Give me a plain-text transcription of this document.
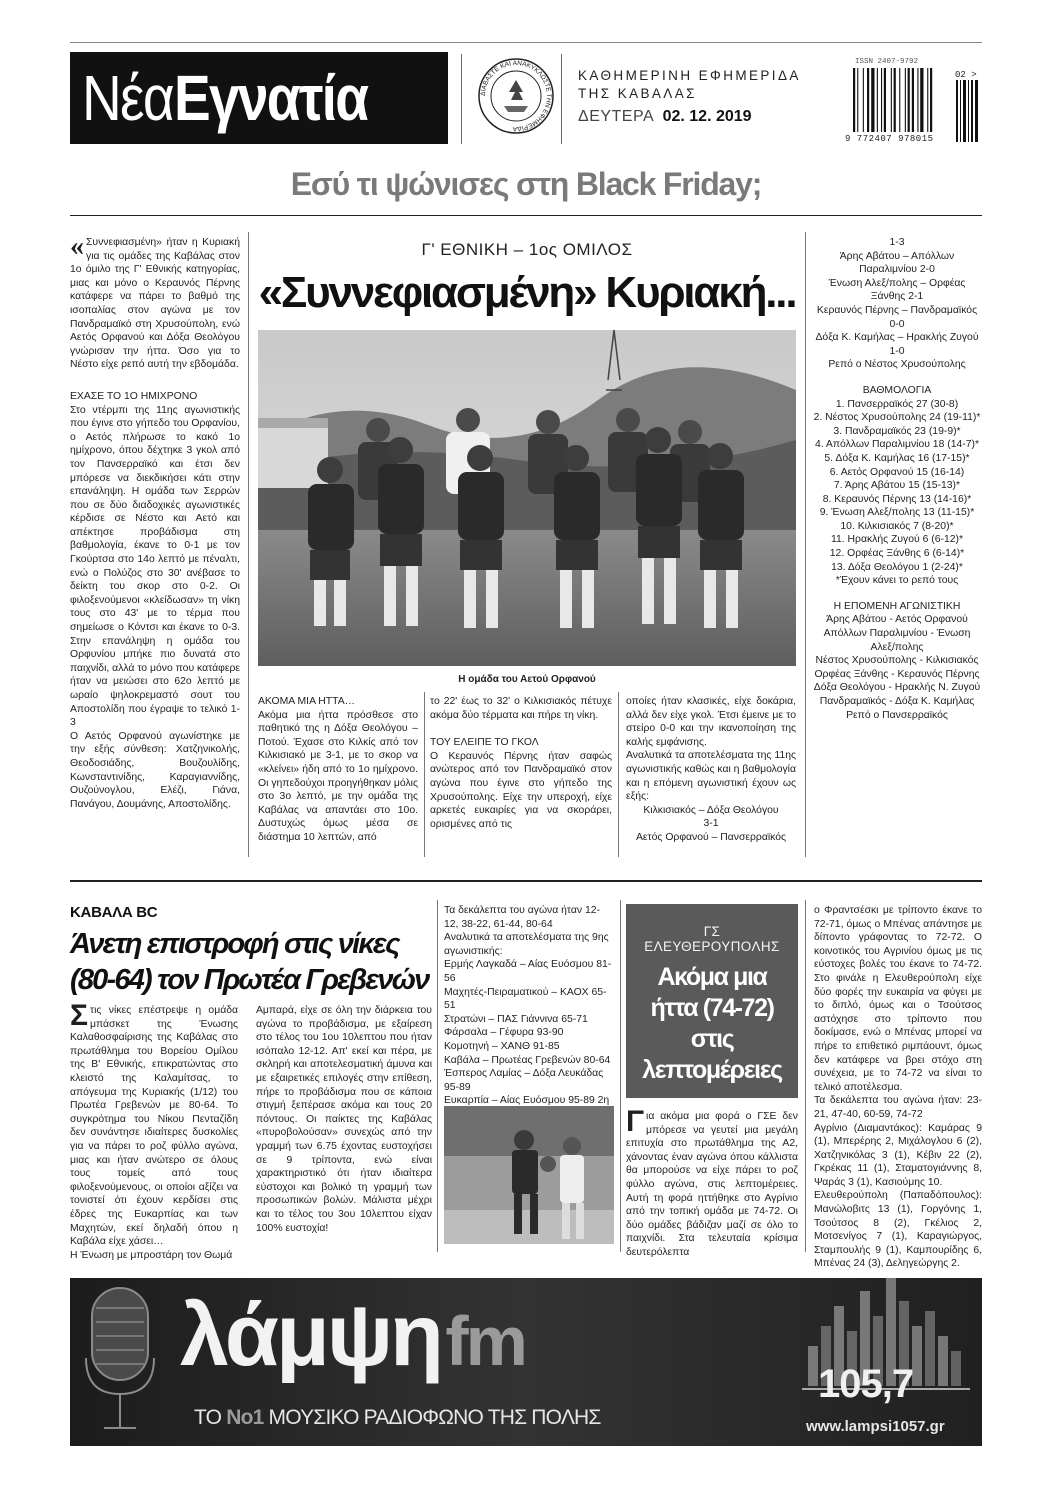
Νέα Εγνατία	ΔΙΑΒΑΣΤΕ ΚΑΙ ΑΝΑΚΥΚΛΩΣΤΕ ΤΗΝ ΕΦΗΜΕΡΙΔΑ
ΚΑΘΗΜΕΡΙΝΗ ΕΦΗΜΕΡΙΔΑ
ΤΗΣ ΚΑΒΑΛΑΣ
ΔΕΥΤΕΡΑ 02. 12. 2019
ISSN 2407-9792
02 >
9 772407 978015
Εσύ τι ψώνισες στη Black Friday;

« Συννεφιασμένη» ήταν η Κυριακή για τις ομάδες της Καβάλας στον 1ο όμιλο της Γ' Εθνικής κατηγορίας, μιας και μόνο ο Κεραυνός Πέρνης κατάφερε να πάρει το βαθμό της ισοπαλίας στον αγώνα με τον Πανδραμαϊκό στη Χρυσούπολη, ενώ Αετός Ορφανού και Δόξα Θεολόγου γνώρισαν την ήττα. Όσο για το Νέστο είχε ρεπό αυτή την εβδομάδα.

ΕΧΑΣΕ ΤΟ 1Ο ΗΜΙΧΡΟΝΟ

Στο ντέρμπι της 11ης αγωνιστικής που έγινε στο γήπεδο του Ορφανίου, ο Αετός πλήρωσε το κακό 1ο ημίχρονο, όπου δέχτηκε 3 γκολ από τον Πανσερραϊκό και έτσι δεν μπόρεσε να διεκδικήσει κάτι στην επανάληψη. Η ομάδα των Σερρών που σε δύο διαδοχικές αγωνιστικές κέρδισε σε Νέστο και Αετό και απέκτησε προβάδισμα στη βαθμολογία, έκανε το 0-1 με τον Γκούρτσα στο 14ο λεπτό με πέναλτι, ενώ ο Πολύζος στο 30' ανέβασε το δείκτη του σκορ στο 0-2. Οι φιλοξενούμενοι «κλείδωσαν» τη νίκη τους στο 43' με το τέρμα που σημείωσε ο Κόντσι και έκανε το 0-3. Στην επανάληψη η ομάδα του Ορφυνίου μπήκε πιο δυνατά στο παιχνίδι, αλλά το μόνο που κατάφερε ήταν να μειώσει στο 62ο λεπτό με ωραίο ψηλοκρεμαστό σουτ του Αποστολίδη που έγραψε το τελικό 1-3

Ο Αετός Ορφανού αγωνίστηκε με την εξής σύνθεση: Χατζηνικολής, Θεοδοσιάδης, Βουζουλίδης, Κωνσταντινίδης, Καραγιαννίδης, Ουζούνογλου, Ελέζι, Γιάνα, Πανάγου, Δουμάνης, Αποστολίδης.

Γ' ΕΘΝΙΚΗ – 1ος ΟΜΙΛΟΣ
«Συννεφιασμένη» Κυριακή...
Η ομάδα του Αετού Ορφανού
ΑΚΟΜΑ ΜΙΑ ΗΤΤΑ…

Ακόμα μια ήττα πρόσθεσε στο παθητικό της η Δόξα Θεολόγου – Ποτού. Έχασε στο Κιλκίς από τον Κιλκισιακό με 3-1, με το σκορ να «κλείνει» ήδη από το 1ο ημίχρονο. Οι γηπεδούχοι προηγήθηκαν μόλις στο 3ο λεπτό, με την ομάδα της Καβάλας να απαντάει στο 10ο. Δυστυχώς όμως μέσα σε διάστημα 10 λεπτών, από

το 22' έως το 32' ο Κιλκισιακός πέτυχε ακόμα δύο τέρματα και πήρε τη νίκη.

ΤΟΥ ΕΛΕΙΠΕ ΤΟ ΓΚΟΛ

Ο Κεραυνός Πέρνης ήταν σαφώς ανώτερος από τον Πανδραμαϊκό στον αγώνα που έγινε στο γήπεδο της Χρυσούπολης. Είχε την υπεροχή, είχε αρκετές ευκαιρίες για να σκοράρει, ορισμένες από τις

οποίες ήταν κλασικές, είχε δοκάρια, αλλά δεν είχε γκολ. Έτσι έμεινε με το στείρο 0-0 και την ικανοποίηση της καλής εμφάνισης.

Αναλυτικά τα αποτελέσματα της 11ης αγωνιστικής καθώς και η βαθμολογία και η επόμενη αγωνιστική έχουν ως εξής:

Κιλκισιακός – Δόξα Θεολόγου
3-1
Αετός Ορφανού – Πανσερραϊκός
1-3
Άρης Αβάτου – Απόλλων Παραλιμνίου 2-0
Ένωση Αλεξ/πολης – Ορφέας Ξάνθης 2-1
Κεραυνός Πέρνης – Πανδραμαϊκός 0-0
Δόξα Κ. Καμήλας – Ηρακλής Ζυγού 1-0
Ρεπό ο Νέστος Χρυσούπολης
ΒΑΘΜΟΛΟΓΙΑ
1. Πανσερραϊκός 27 (30-8)
2. Νέστος Χρυσούπολης 24 (19-11)*
3. Πανδραμαϊκός 23 (19-9)*
4. Απόλλων Παραλιμνίου 18 (14-7)*
5. Δόξα Κ. Καμήλας 16 (17-15)*
6. Αετός Ορφανού 15 (16-14)
7. Άρης Αβάτου 15 (15-13)*
8. Κεραυνός Πέρνης 13 (14-16)*
9. Ένωση Αλεξ/πολης 13 (11-15)*
10. Κιλκισιακός 7 (8-20)*
11. Ηρακλής Ζυγού 6 (6-12)*
12. Ορφέας Ξάνθης 6 (6-14)*
13. Δόξα Θεολόγου 1 (2-24)*
*Έχουν κάνει το ρεπό τους
Η ΕΠΟΜΕΝΗ ΑΓΩΝΙΣΤΙΚΗ
Άρης Αβάτου - Αετός Ορφανού
Απόλλων Παραλιμνίου - Ένωση Αλεξ/πολης
Νέστος Χρυσούπολης - Κιλκισιακός
Ορφέας Ξάνθης - Κεραυνός Πέρνης
Δόξα Θεολόγου - Ηρακλής Ν. Ζυγού
Πανδραμαϊκός - Δόξα Κ. Καμήλας
Ρεπό ο Πανσερραϊκός
ΚΑΒΑΛΑ BC
Άνετη επιστροφή στις νίκες
(80-64) τον Πρωτέα Γρεβενών

Στις νίκες επέστρεψε η ομάδα μπάσκετ της Ένωσης Καλαθοσφαίρισης της Καβάλας στο πρωτάθλημα του Βορείου Ομίλου της Β' Εθνικής, επικρατώντας στο κλειστό της Καλαμίτσας, το απόγευμα της Κυριακής (1/12) του Πρωτέα Γρεβενών με 80-64. Το συγκρότημα του Νίκου Πενταζίδη δεν συνάντησε ιδιαίτερες δυσκολίες για να πάρει το ροζ φύλλο αγώνα, μιας και ήταν ανώτερο σε όλους τους τομείς από τους φιλοξενούμενους, οι οποίοι αξίζει να τονιστεί ότι έχουν κερδίσει στις έδρες της Ευκαρπίας και των Μαχητών, εκεί δηλαδή όπου η Καβάλα είχε χάσει…

Η Ένωση με μπροστάρη τον Θωμά

Αμπαρά, είχε σε όλη την διάρκεια του αγώνα το προβάδισμα, με εξαίρεση στο τέλος του 1ου 10λεπτου που ήταν ισόπαλο 12-12. Απ' εκεί και πέρα, με σκληρή και αποτελεσματική άμυνα και με εξαιρετικές επιλογές στην επίθεση, πήρε το προβάδισμα που σε κάποια στιγμή ξεπέρασε ακόμα και τους 20 πόντους. Οι παίκτες της Καβάλας «πυροβολούσαν» συνεχώς από την γραμμή των 6.75 έχοντας ευστοχήσει σε 9 τρίποντα, ενώ είναι χαρακτηριστικό ότι ήταν ιδιαίτερα εύστοχοι και βολικό τη γραμμή των προσωπικών βολών. Μάλιστα μέχρι και το τέλος του 3ου 10λεπτου είχαν 100% ευστοχία!

Τα δεκάλεπτα του αγώνα ήταν 12-12, 38-22, 61-44, 80-64
Αναλυτικά τα αποτελέσματα της 9ης αγωνιστικής:
Ερμής Λαγκαδά – Αίας Ευόσμου 81-56
Μαχητές-Πειραματικού – ΚΑΟΧ 65-51
Στρατώνι – ΠΑΣ Γιάννινα 65-71
Φάρσαλα – Γέφυρα 93-90
Κομοτηνή – ΧΑΝΘ 91-85
Καβάλα – Πρωτέας Γρεβενών 80-64
Έσπερος Λαμίας – Δόξα Λευκάδας 95-89
Ευκαρπία – Αίας Ευόσμου 95-89 2η
ΓΣ ΕΛΕΥΘΕΡΟΥΠΟΛΗΣ
Ακόμα μια ήττα (74-72) στις λεπτομέρειες

Για ακόμα μια φορά ο ΓΣΕ δεν μπόρεσε να γευτεί μια μεγάλη επιτυχία στο πρωτάθλημα της Α2, χάνοντας έναν αγώνα όπου κάλλιστα θα μπορούσε να είχε πάρει το ροζ φύλλο αγώνα, στις λεπτομέρειες. Αυτή τη φορά ηττήθηκε στο Αγρίνιο από την τοπική ομάδα με 74-72. Οι δύο ομάδες βάδιζαν μαζί σε όλο το παιχνίδι. Στα τελευταία κρίσιμα δευτερόλεπτα

ο Φραντσέσκι με τρίποντο έκανε το 72-71, όμως ο Μπένας απάντησε με δίποντο γράφοντας το 72-72. Ο κοινοτικός του Αγρινίου όμως με τις εύστοχες βολές του έκανε το 74-72. Στο φινάλε η Ελευθερούπολη είχε δύο φορές την ευκαιρία να φύγει με το διπλό, όμως και ο Τσούτσος αστόχησε στο τρίποντο που δοκίμασε, ενώ ο Μπένας μπορεί να πήρε το επιθετικό ριμπάουντ, όμως δεν κατάφερε να βρει στόχο στη συνέχεια, με το 74-72 να είναι το τελικό αποτέλεσμα.

Τα δεκάλεπτα του αγώνα ήταν: 23-21, 47-40, 60-59, 74-72
Αγρίνιο (Διαμαντάκος): Καμάρας 9 (1), Μπερέρης 2, Μιχάλογλου 6 (2), Χατζηνικόλας 3 (1), Κέβιν 22 (2), Γκρέκας 11 (1), Σταματογιάννης 8, Ψαράς 3 (1), Κασιούμης 10.
Ελευθερούπολη (Παπαδόπουλος): Μανώλοβιτς 13 (1), Γοργόνης 1, Τσούτσος 8 (2), Γκέλιος 2, Μοτσενίγος 7 (1), Καραγιώργος, Σταμπουλής 9 (1), Καμπουρίδης 6, Μπένας 24 (3), Δεληγεώργης 2.
λάμψη fm
ΤΟ Νο1 ΜΟΥΣΙΚΟ ΡΑΔΙΟΦΩΝΟ ΤΗΣ ΠΟΛΗΣ
105,7
www.lampsi1057.gr
